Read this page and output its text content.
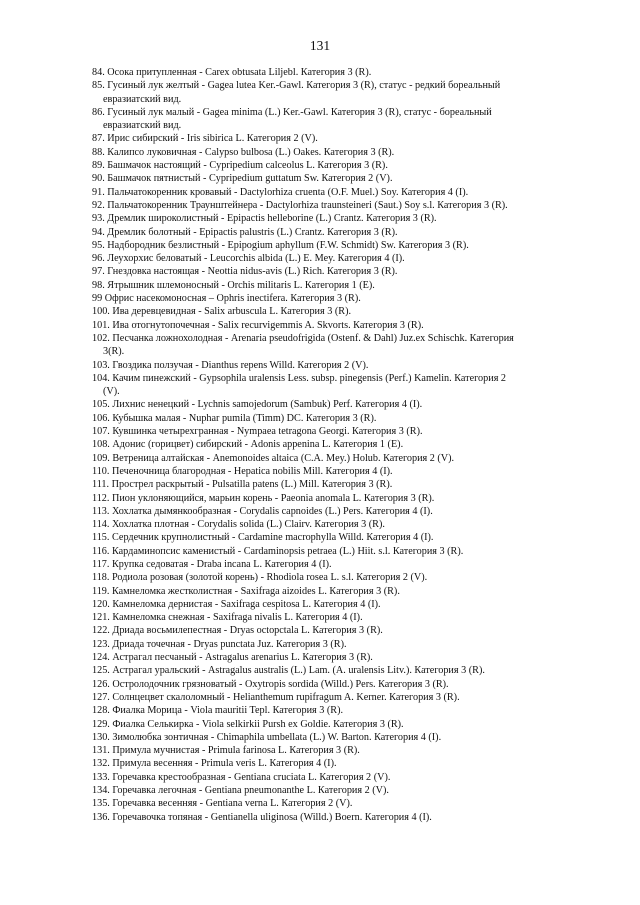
131
84. Осока притупленная - Carex obtusata Liljebl. Категория 3 (R).
85. Гусиный лук желтый - Gagea lutea Ker.-Gawl. Категория 3 (R), статус - редкий бореальный
евразиатский вид.
86. Гусиный лук малый - Gagea minima (L.) Ker.-Gawl. Категория 3 (R), статус - бореальный
евразиатский вид.
87. Ирис сибирский - Iris sibirica L. Категория 2 (V).
88. Калипсо луковичная - Calypso bulbosa (L.) Oakes. Категория 3 (R).
89. Башмачок настоящий - Cypripedium calceolus L. Категория 3 (R).
90. Башмачок пятнистый - Cypripedium guttatum Sw. Категория 2 (V).
91. Пальчатокоренник кровавый - Dactylorhiza cruenta (O.F. Muel.) Soy. Категория 4 (I).
92. Пальчатокоренник Траунштейнера - Dactylorhiza traunsteineri (Saut.) Soy s.l. Категория 3 (R).
93. Дремлик широколистный - Epipactis helleborine (L.) Crantz. Категория 3 (R).
94. Дремлик болотный - Epipactis palustris (L.) Crantz. Категория 3 (R).
95. Надбородник безлистный - Epipogium aphyllum (F.W. Schmidt) Sw. Категория 3 (R).
96. Леухорхис беловатый - Leucorchis albida (L.) E. Mey. Категория 4 (I).
97. Гнездовка настоящая - Neottia nidus-avis (L.) Rich. Категория 3 (R).
98. Ятрышник шлемоносный - Orchis militaris L. Категория 1 (E).
99 Офрис насекомоносная – Ophris inectifera. Категория 3 (R).
100. Ива деревцевидная - Salix arbuscula L. Категория 3 (R).
101. Ива отогнутопочечная - Salix recurvigemmis A. Skvorts. Категория 3 (R).
102. Песчанка ложнохолодная - Arenaria pseudofrigida (Ostenf. & Dahl) Juz.ex Schischk. Категория
3(R).
103. Гвоздика ползучая - Dianthus repens Willd. Категория 2 (V).
104. Качим пинежский - Gypsophila uralensis Less. subsp. pinegensis (Perf.) Kamelin. Категория 2
(V).
105. Лихнис ненецкий - Lychnis samojedorum (Sambuk) Perf. Категория 4 (I).
106. Кубышка малая - Nuphar pumila (Timm) DC. Категория 3 (R).
107. Кувшинка четырехгранная - Nympaea tetragona Georgi. Категория 3 (R).
108. Адонис (горицвет) сибирский - Adonis appenina L. Категория 1 (E).
109. Ветреница алтайская - Anemonoides altaica (C.A. Mey.) Holub. Категория 2 (V).
110. Печеночница благородная - Hepatica nobilis Mill. Категория 4 (I).
111. Прострел раскрытый - Pulsatilla patens (L.) Mill. Категория 3 (R).
112. Пион уклоняющийся, марьин корень - Paeonia anomala L. Категория 3 (R).
113. Хохлатка дымянкообразная - Corydalis capnoides (L.) Pers. Категория 4 (I).
114. Хохлатка плотная - Corydalis solida (L.) Clairv. Категория 3 (R).
115. Сердечник крупнолистный - Cardamine macrophylla Willd. Категория 4 (I).
116. Кардаминопсис каменистый - Cardaminopsis petraea (L.) Hiit. s.l. Категория 3 (R).
117. Крупка седоватая - Draba incana L. Категория 4 (I).
118. Родиола розовая (золотой корень) - Rhodiola rosea L. s.l. Категория 2 (V).
119. Камнеломка жестколистная - Saxifraga aizoides L. Категория 3 (R).
120. Камнеломка дернистая - Saxifraga cespitosa L. Категория 4 (I).
121. Камнеломка снежная - Saxifraga nivalis L. Категория 4 (I).
122. Дриада восьмилепестная - Dryas octopctala L. Категория 3 (R).
123. Дриада точечная - Dryas punctata Juz. Категория 3 (R).
124. Астрагал песчаный - Astragalus arenarius L. Категория 3 (R).
125. Астрагал уральский - Astragalus australis (L.) Lam. (A. uralensis Litv.). Категория 3 (R).
126. Остролодочник грязноватый - Oxytropis sordida (Willd.) Pers. Категория 3 (R).
127. Солнцецвет скалоломный - Helianthemum rupifragum A. Kerner. Категория 3 (R).
128. Фиалка Морица - Viola mauritii Tepl. Категория 3 (R).
129. Фиалка Селькирка - Viola selkirkii Pursh ex Goldie. Категория 3 (R).
130. Зимолюбка зонтичная - Chimaphila umbellata (L.) W. Barton. Категория 4 (I).
131. Примула мучнистая - Primula farinosa L. Категория 3 (R).
132. Примула весенняя - Primula veris L. Категория 4 (I).
133. Горечавка крестообразная - Gentiana cruciata L. Категория 2 (V).
134. Горечавка легочная - Gentiana pneumonanthe L. Категория 2 (V).
135. Горечавка весенняя - Gentiana verna L. Категория 2 (V).
136. Горечавочка топяная - Gentianella uliginosa (Willd.) Boern. Категория 4 (I).
